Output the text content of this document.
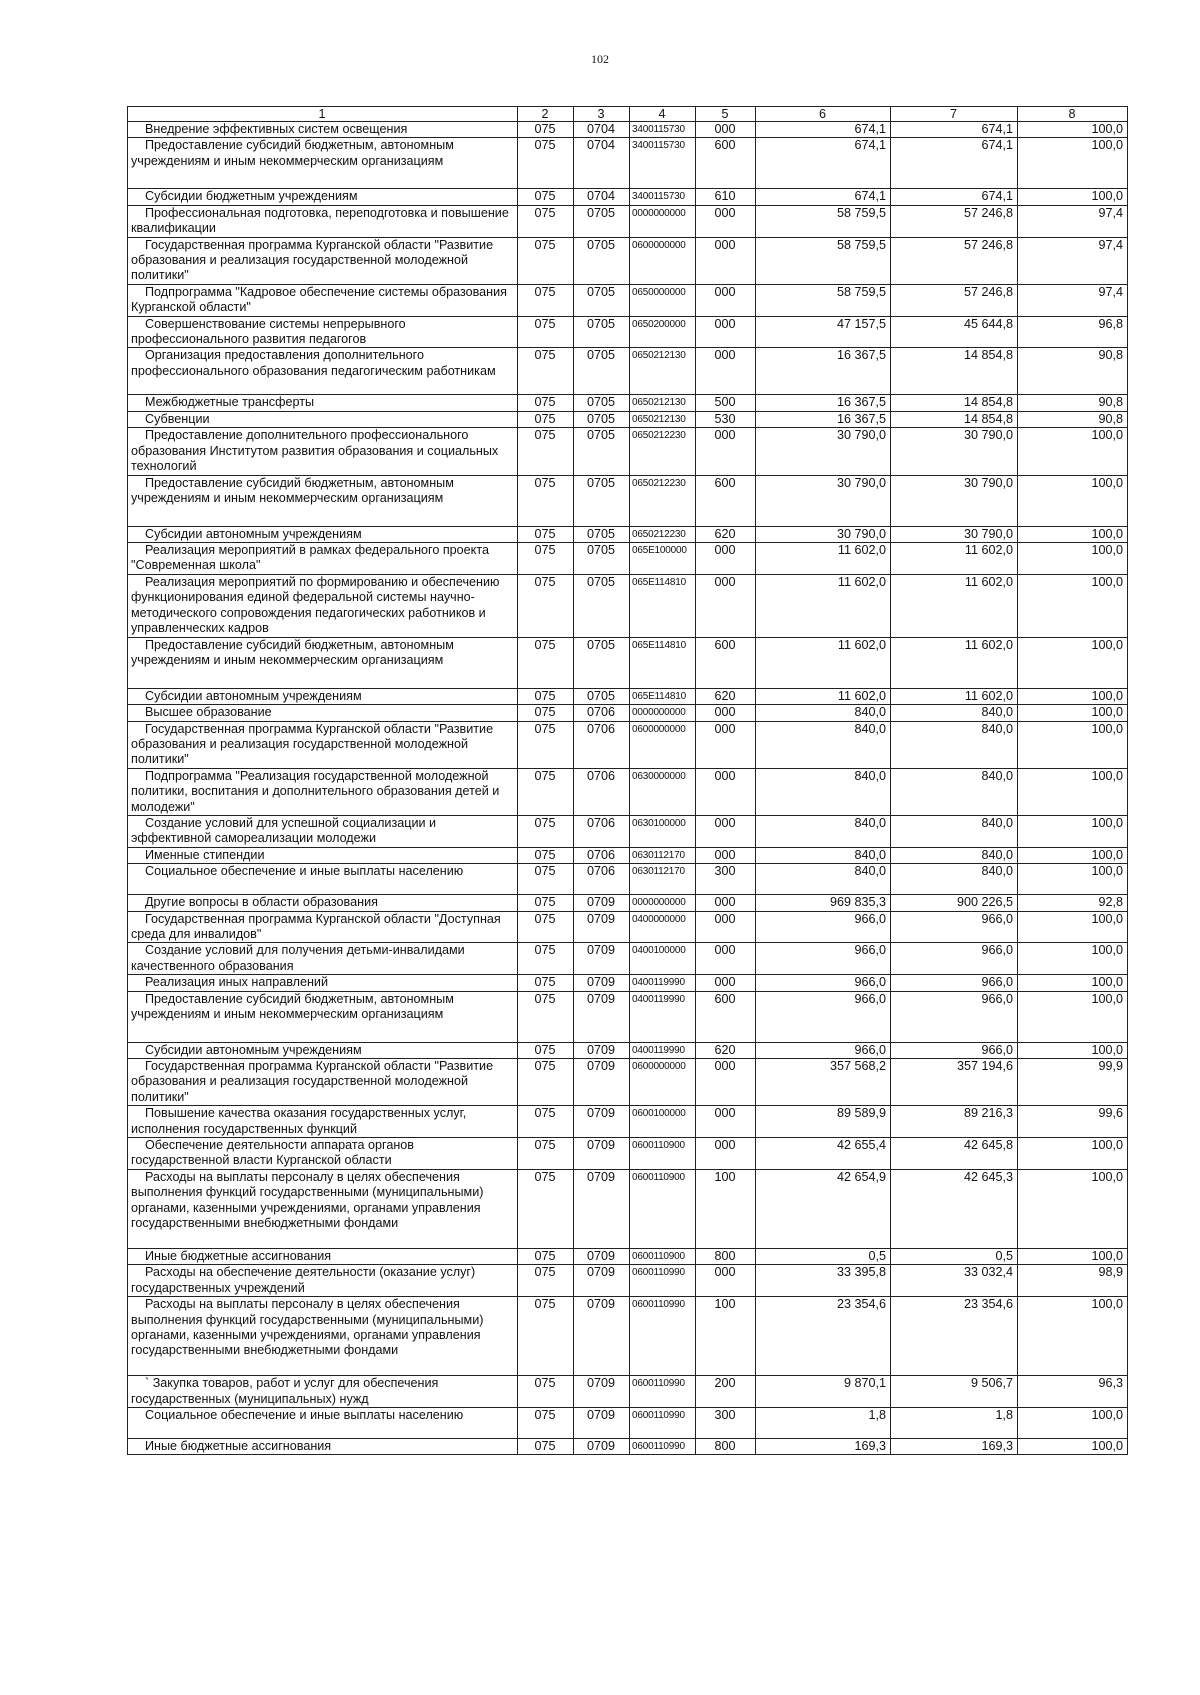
102
1	2	3	4	5	6	7	8

Внедрение эффективных систем освещения	075	0704	3400115730	000	674,1	674,1	100,0

Предоставление субсидий бюджетным, автономным учреждениям и иным некоммерческим организациям	075	0704	3400115730	600	674,1	674,1	100,0

Субсидии бюджетным учреждениям	075	0704	3400115730	610	674,1	674,1	100,0

Профессиональная подготовка, переподготовка и повышение квалификации	075	0705	0000000000	000	58 759,5	57 246,8	97,4

Государственная программа Курганской области "Развитие образования и реализация государственной молодежной политики"	075	0705	0600000000	000	58 759,5	57 246,8	97,4

Подпрограмма "Кадровое обеспечение системы образования Курганской области"	075	0705	0650000000	000	58 759,5	57 246,8	97,4

Совершенствование системы непрерывного профессионального развития педагогов	075	0705	0650200000	000	47 157,5	45 644,8	96,8

Организация предоставления дополнительного профессионального образования педагогическим работникам	075	0705	0650212130	000	16 367,5	14 854,8	90,8

Межбюджетные трансферты	075	0705	0650212130	500	16 367,5	14 854,8	90,8

Субвенции	075	0705	0650212130	530	16 367,5	14 854,8	90,8

Предоставление дополнительного профессионального образования Институтом развития образования и социальных технологий	075	0705	0650212230	000	30 790,0	30 790,0	100,0

Предоставление субсидий бюджетным, автономным учреждениям и иным некоммерческим организациям	075	0705	0650212230	600	30 790,0	30 790,0	100,0

Субсидии автономным учреждениям	075	0705	0650212230	620	30 790,0	30 790,0	100,0

Реализация мероприятий в рамках федерального проекта "Современная школа"	075	0705	065E100000	000	11 602,0	11 602,0	100,0

Реализация мероприятий по формированию и обеспечению функционирования единой федеральной системы научно-методического сопровождения педагогических работников и управленческих кадров	075	0705	065E114810	000	11 602,0	11 602,0	100,0

Предоставление субсидий бюджетным, автономным учреждениям и иным некоммерческим организациям	075	0705	065E114810	600	11 602,0	11 602,0	100,0

Субсидии автономным учреждениям	075	0705	065E114810	620	11 602,0	11 602,0	100,0

Высшее образование	075	0706	0000000000	000	840,0	840,0	100,0

Государственная программа Курганской области "Развитие образования и реализация государственной молодежной политики"	075	0706	0600000000	000	840,0	840,0	100,0

Подпрограмма "Реализация государственной молодежной политики, воспитания и дополнительного образования детей и молодежи"	075	0706	0630000000	000	840,0	840,0	100,0

Создание условий для успешной социализации и эффективной самореализации молодежи	075	0706	0630100000	000	840,0	840,0	100,0

Именные стипендии	075	0706	0630112170	000	840,0	840,0	100,0

Социальное обеспечение и иные выплаты населению	075	0706	0630112170	300	840,0	840,0	100,0

Другие вопросы в области образования	075	0709	0000000000	000	969 835,3	900 226,5	92,8

Государственная программа Курганской области "Доступная среда для инвалидов"	075	0709	0400000000	000	966,0	966,0	100,0

Создание условий для получения детьми-инвалидами качественного образования	075	0709	0400100000	000	966,0	966,0	100,0

Реализация иных направлений	075	0709	0400119990	000	966,0	966,0	100,0

Предоставление субсидий бюджетным, автономным учреждениям и иным некоммерческим организациям	075	0709	0400119990	600	966,0	966,0	100,0

Субсидии автономным учреждениям	075	0709	0400119990	620	966,0	966,0	100,0

Государственная программа Курганской области "Развитие образования и реализация государственной молодежной политики"	075	0709	0600000000	000	357 568,2	357 194,6	99,9

Повышение качества оказания государственных услуг, исполнения государственных функций	075	0709	0600100000	000	89 589,9	89 216,3	99,6

Обеспечение деятельности аппарата органов государственной власти Курганской области	075	0709	0600110900	000	42 655,4	42 645,8	100,0

Расходы на выплаты персоналу в целях обеспечения выполнения функций государственными (муниципальными) органами, казенными учреждениями, органами управления государственными внебюджетными фондами	075	0709	0600110900	100	42 654,9	42 645,3	100,0

Иные бюджетные ассигнования	075	0709	0600110900	800	0,5	0,5	100,0

Расходы на обеспечение деятельности (оказание услуг) государственных учреждений	075	0709	0600110990	000	33 395,8	33 032,4	98,9

Расходы на выплаты персоналу в целях обеспечения выполнения функций государственными (муниципальными) органами, казенными учреждениями, органами управления государственными внебюджетными фондами	075	0709	0600110990	100	23 354,6	23 354,6	100,0

` Закупка товаров, работ и услуг для обеспечения государственных (муниципальных) нужд	075	0709	0600110990	200	9 870,1	9 506,7	96,3

Социальное обеспечение и иные выплаты населению	075	0709	0600110990	300	1,8	1,8	100,0

Иные бюджетные ассигнования	075	0709	0600110990	800	169,3	169,3	100,0
